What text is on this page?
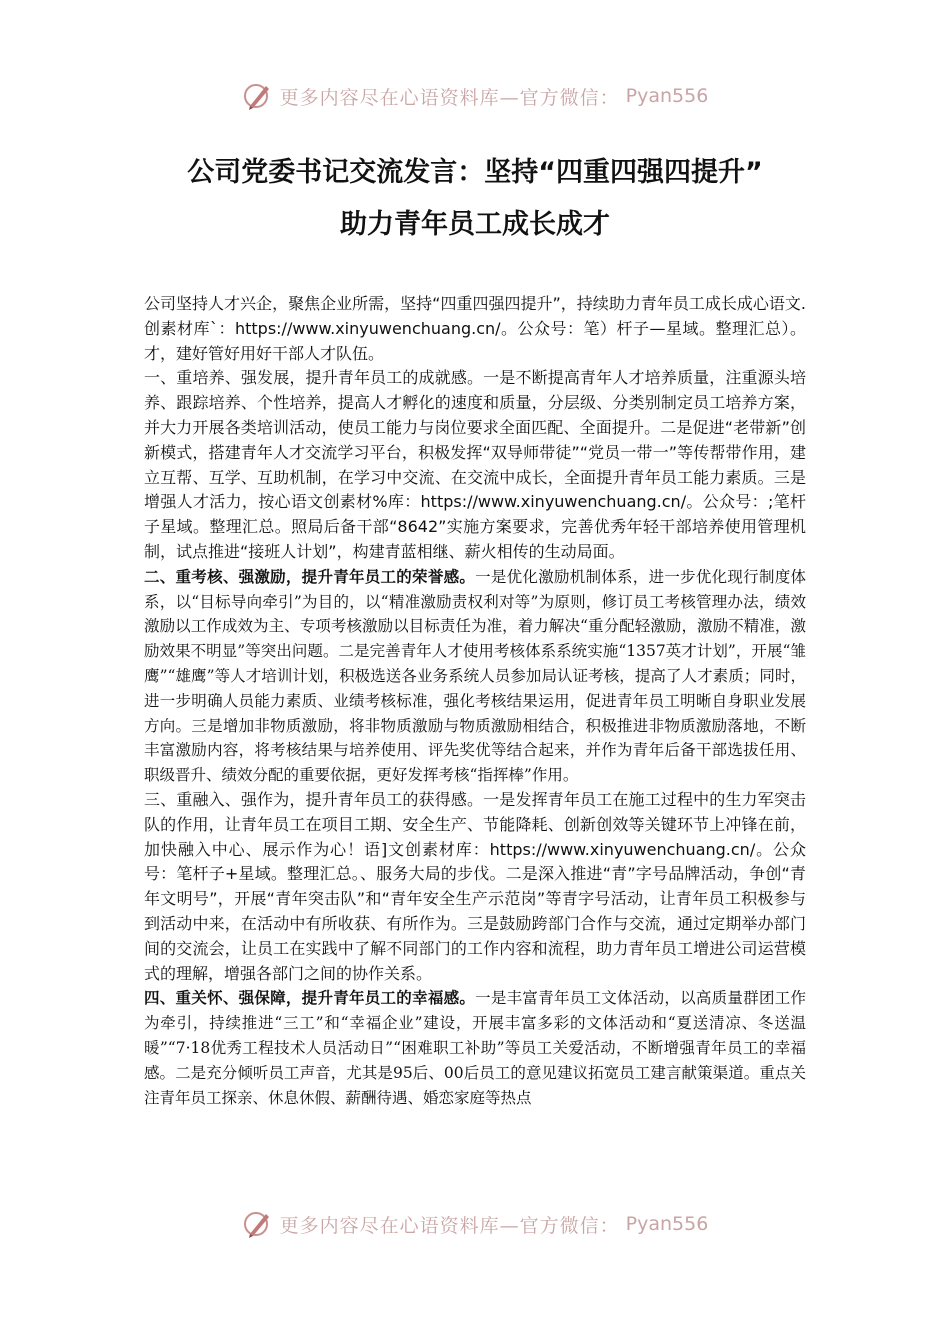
更多内容尽在心语资料库—官方微信： Pyan556
公司党委书记交流发言：坚持“四重四强四提升”
助力青年员工成长成才

公司坚持人才兴企，聚焦企业所需，坚持“四重四强四提升”，持续助力青年员工成长成心语文.创素材库`：https://www.xinyuwenchuang.cn/。公众号：笔）杆子—星域。整理汇总）。才，建好管好用好干部人才队伍。

一、重培养、强发展，提升青年员工的成就感。一是不断提高青年人才培养质量，注重源头培养、跟踪培养、个性培养，提高人才孵化的速度和质量，分层级、分类别制定员工培养方案，并大力开展各类培训活动，使员工能力与岗位要求全面匹配、全面提升。二是促进“老带新”创新模式，搭建青年人才交流学习平台，积极发挥“双导师带徒”“党员一带一”等传帮带作用，建立互帮、互学、互助机制，在学习中交流、在交流中成长，全面提升青年员工能力素质。三是增强人才活力，按心语文创素材%库：https://www.xinyuwenchuang.cn/。公众号：;笔杆子星域。整理汇总。照局后备干部“8642”实施方案要求，完善优秀年轻干部培养使用管理机制，试点推进“接班人计划”，构建青蓝相继、薪火相传的生动局面。

二、重考核、强激励，提升青年员工的荣誉感。一是优化激励机制体系，进一步优化现行制度体系，以“目标导向牵引”为目的，以“精准激励责权利对等”为原则，修订员工考核管理办法，绩效激励以工作成效为主、专项考核激励以目标责任为准，着力解决“重分配轻激励，激励不精准，激励效果不明显”等突出问题。二是完善青年人才使用考核体系系统实施“1357英才计划”，开展“雏鹰”“雄鹰”等人才培训计划，积极选送各业务系统人员参加局认证考核，提高了人才素质；同时，进一步明确人员能力素质、业绩考核标准，强化考核结果运用，促进青年员工明晰自身职业发展方向。三是增加非物质激励，将非物质激励与物质激励相结合，积极推进非物质激励落地，不断丰富激励内容，将考核结果与培养使用、评先奖优等结合起来，并作为青年后备干部选拔任用、职级晋升、绩效分配的重要依据，更好发挥考核“指挥棒”作用。

三、重融入、强作为，提升青年员工的获得感。一是发挥青年员工在施工过程中的生力军突击队的作用，让青年员工在项目工期、安全生产、节能降耗、创新创效等关键环节上冲锋在前，加快融入中心、展示作为心！语]文创素材库：https://www.xinyuwenchuang.cn/。公众号：笔杆子+星域。整理汇总。、服务大局的步伐。二是深入推进“青”字号品牌活动，争创“青年文明号”，开展“青年突击队”和“青年安全生产示范岗”等青字号活动，让青年员工积极参与到活动中来，在活动中有所收获、有所作为。三是鼓励跨部门合作与交流，通过定期举办部门间的交流会，让员工在实践中了解不同部门的工作内容和流程，助力青年员工增进公司运营模式的理解，增强各部门之间的协作关系。

四、重关怀、强保障，提升青年员工的幸福感。一是丰富青年员工文体活动，以高质量群团工作为牵引，持续推进“三工”和“幸福企业”建设，开展丰富多彩的文体活动和“夏送清凉、冬送温暖”“7·18优秀工程技术人员活动日”“困难职工补助”等员工关爱活动，不断增强青年员工的幸福感。二是充分倾听员工声音，尤其是95后、00后员工的意见建议拓宽员工建言献策渠道。重点关注青年员工探亲、休息休假、薪酬待遇、婚恋家庭等热点

更多内容尽在心语资料库—官方微信： Pyan556
